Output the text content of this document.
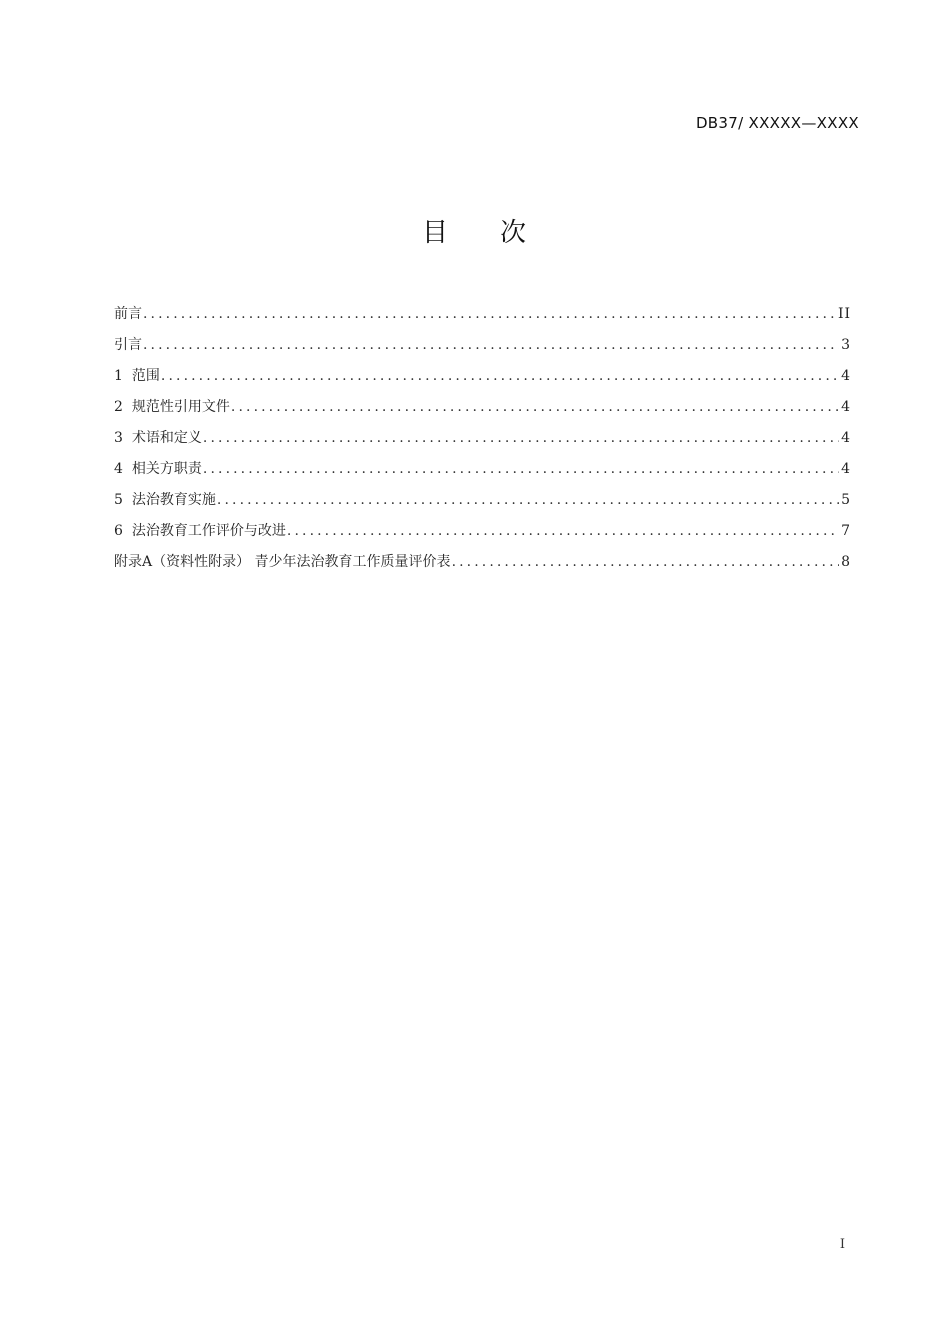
DB37/ XXXXX—XXXX
目 次
前言 .....	II
引言 .....	3
1 范围 .....	4
2 规范性引用文件 .....	4
3 术语和定义 .....	4
4 相关方职责 .....	4
5 法治教育实施 .....	5
6 法治教育工作评价与改进 .....	7
附录A（资料性附录） 青少年法治教育工作质量评价表 .....	8
I
